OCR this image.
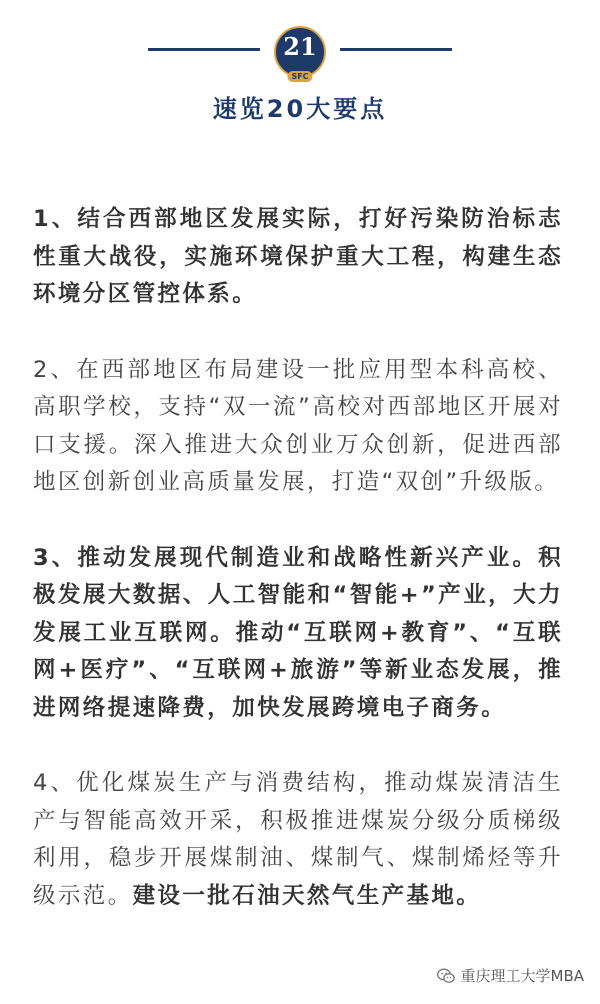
21
SFC
速览20大要点

1、结合西部地区发展实际，打好污染防治标志性重大战役，实施环境保护重大工程，构建生态环境分区管控体系。

2、在西部地区布局建设一批应用型本科高校、高职学校，支持“双一流”高校对西部地区开展对口支援。深入推进大众创业万众创新，促进西部地区创新创业高质量发展，打造“双创”升级版。

3、推动发展现代制造业和战略性新兴产业。积极发展大数据、人工智能和“智能+”产业，大力发展工业互联网。推动“互联网+教育”、“互联网+医疗”、“互联网+旅游”等新业态发展，推进网络提速降费，加快发展跨境电子商务。

4、优化煤炭生产与消费结构，推动煤炭清洁生产与智能高效开采，积极推进煤炭分级分质梯级利用，稳步开展煤制油、煤制气、煤制烯烃等升级示范。建设一批石油天然气生产基地。

重庆理工大学MBA
